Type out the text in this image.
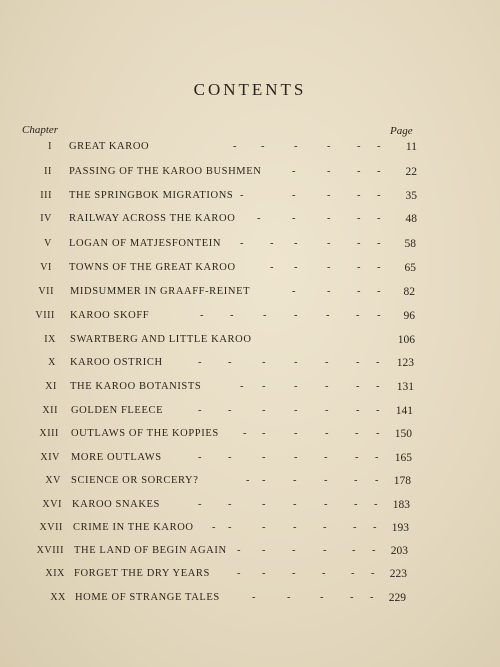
CONTENTS
Chapter	Page
I GREAT KAROO	- -	-	-	- -	11
II PASSING OF THE KAROO BUSHMEN	-	-	- -	22
III THE SPRINGBOK MIGRATIONS -	-	-	- -	35
IV RAILWAY ACROSS THE KAROO -	-	-	- -	48
V LOGAN OF MATJESFONTEIN -	- -	-	- -	58
VI TOWNS OF THE GREAT KAROO	- -	-	- -	65
VII MIDSUMMER IN GRAAFF-REINET	-	-	- -	82
VIII KAROO SKOFF	-	-	-	-	-	- -	96
IX SWARTBERG AND LITTLE KAROO	106
X KAROO OSTRICH	-	-	-	-	-	- -	123
XI THE KAROO BOTANISTS	- -	-	-	- -	131
XII GOLDEN FLEECE	-	-	-	-	-	- -	141
XIII OUTLAWS OF THE KOPPIES - -	-	-	- -	150
XIV MORE OUTLAWS	-	-	-	-	-	- -	165
XV SCIENCE OR SORCERY?	- -	-	-	- -	178
XVI KAROO SNAKES	-	-	-	-	-	- -	183
XVII CRIME IN THE KAROO - -	-	-	-	- -	193
XVIII THE LAND OF BEGIN AGAIN - -	-	- - -	203
XIX FORGET THE DRY YEARS	- -	-	- - -	223
XX HOME OF STRANGE TALES	-	-	-	- -	229
